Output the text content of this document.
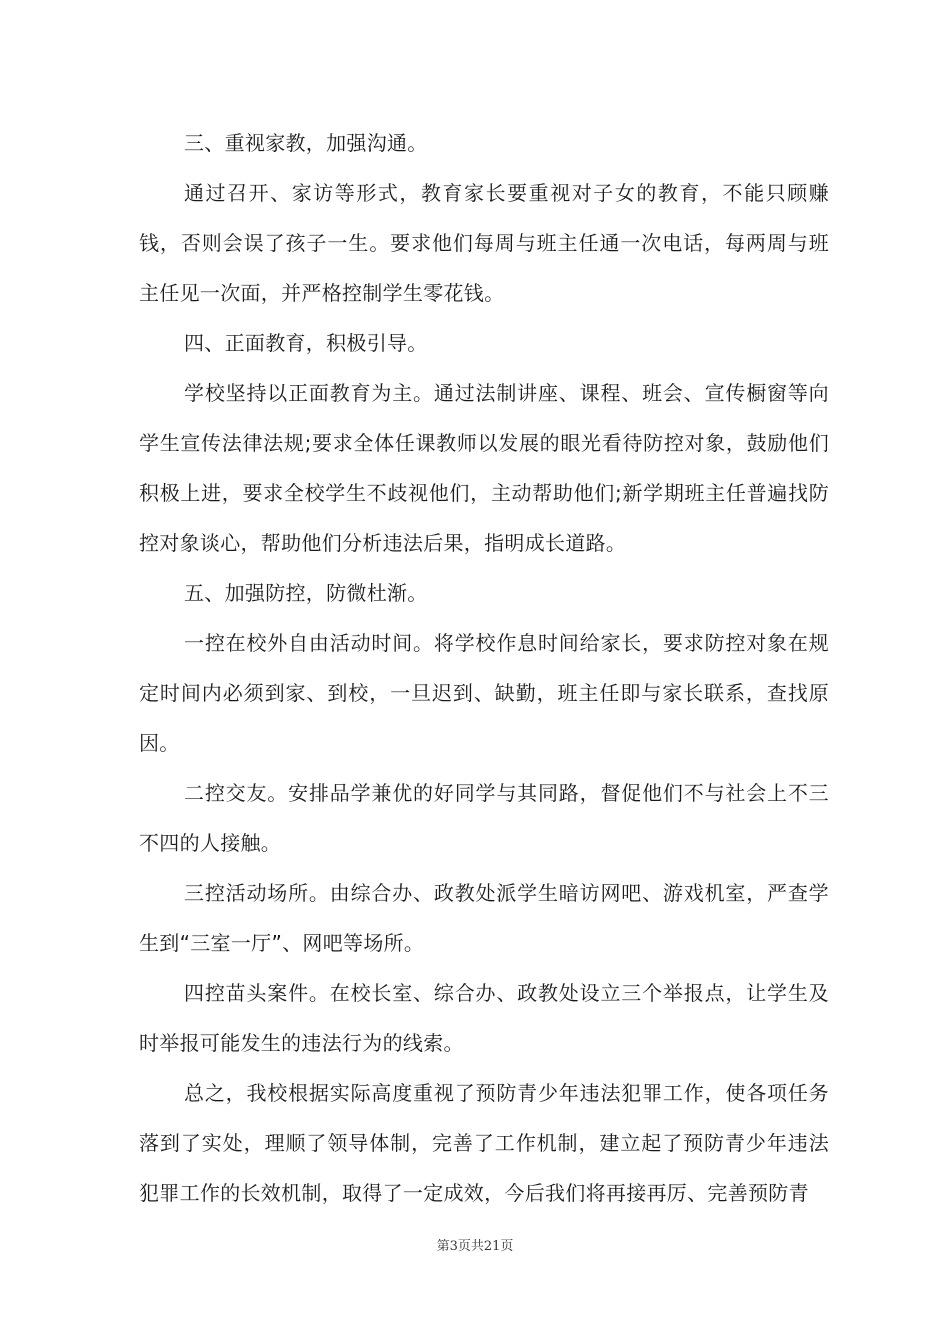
三、重视家教，加强沟通。

通过召开、家访等形式，教育家长要重视对子女的教育，不能只顾赚钱，否则会误了孩子一生。要求他们每周与班主任通一次电话，每两周与班主任见一次面，并严格控制学生零花钱。

四、正面教育，积极引导。

学校坚持以正面教育为主。通过法制讲座、课程、班会、宣传橱窗等向学生宣传法律法规;要求全体任课教师以发展的眼光看待防控对象，鼓励他们积极上进，要求全校学生不歧视他们，主动帮助他们;新学期班主任普遍找防控对象谈心，帮助他们分析违法后果，指明成长道路。

五、加强防控，防微杜渐。

一控在校外自由活动时间。将学校作息时间给家长，要求防控对象在规定时间内必须到家、到校，一旦迟到、缺勤，班主任即与家长联系，查找原因。

二控交友。安排品学兼优的好同学与其同路，督促他们不与社会上不三不四的人接触。

三控活动场所。由综合办、政教处派学生暗访网吧、游戏机室，严查学生到“三室一厅”、网吧等场所。

四控苗头案件。在校长室、综合办、政教处设立三个举报点，让学生及时举报可能发生的违法行为的线索。

总之，我校根据实际高度重视了预防青少年违法犯罪工作，使各项任务落到了实处，理顺了领导体制，完善了工作机制，建立起了预防青少年违法犯罪工作的长效机制，取得了一定成效，今后我们将再接再厉、完善预防青

第3页共21页
